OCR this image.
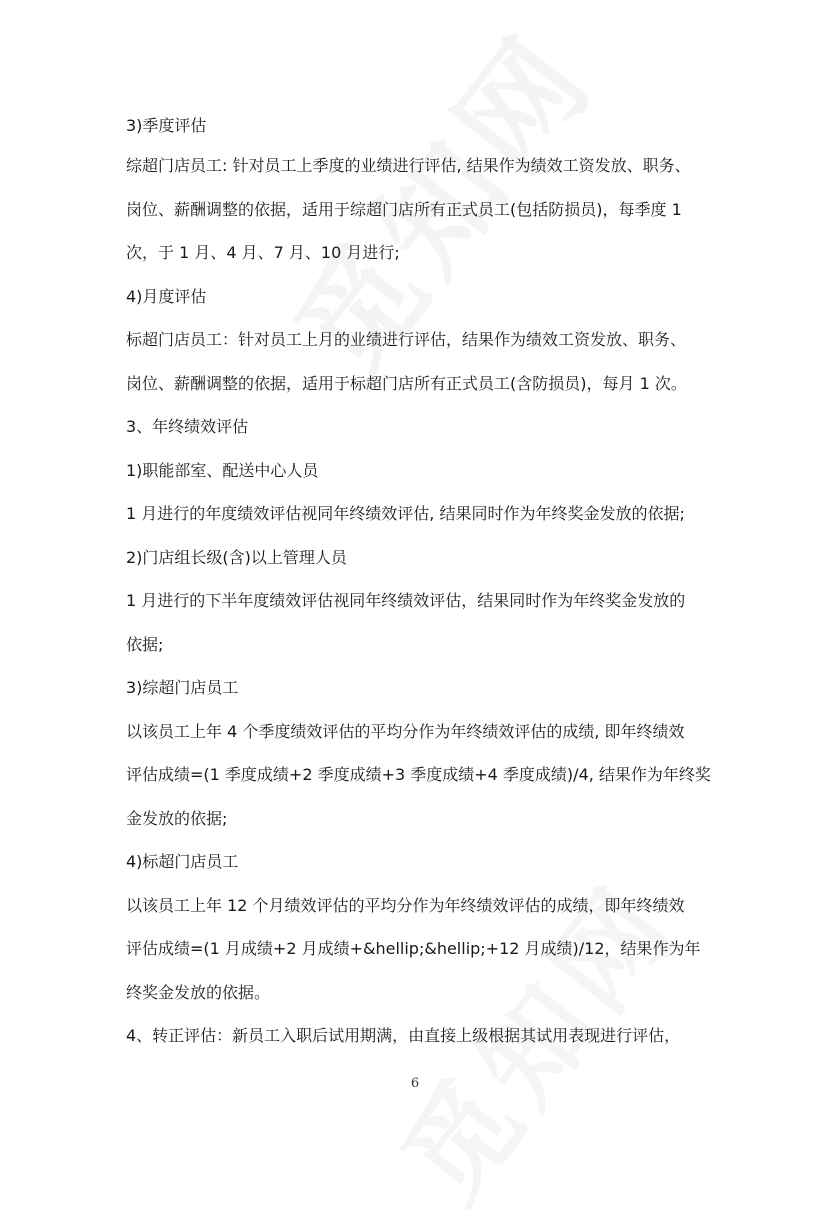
3)季度评估
综超门店员工: 针对员工上季度的业绩进行评估, 结果作为绩效工资发放、职务、
岗位、薪酬调整的依据，适用于综超门店所有正式员工(包括防损员)，每季度 1
次，于 1 月、4 月、7 月、10 月进行;
4)月度评估
标超门店员工：针对员工上月的业绩进行评估，结果作为绩效工资发放、职务、
岗位、薪酬调整的依据，适用于标超门店所有正式员工(含防损员)，每月 1 次。
3、年终绩效评估
1)职能部室、配送中心人员
1 月进行的年度绩效评估视同年终绩效评估, 结果同时作为年终奖金发放的依据;
2)门店组长级(含)以上管理人员
1 月进行的下半年度绩效评估视同年终绩效评估，结果同时作为年终奖金发放的
依据;
3)综超门店员工
以该员工上年 4 个季度绩效评估的平均分作为年终绩效评估的成绩, 即年终绩效
评估成绩=(1 季度成绩+2 季度成绩+3 季度成绩+4 季度成绩)/4, 结果作为年终奖
金发放的依据;
4)标超门店员工
以该员工上年 12 个月绩效评估的平均分作为年终绩效评估的成绩，即年终绩效
评估成绩=(1 月成绩+2 月成绩+&hellip;&hellip;+12 月成绩)/12，结果作为年
终奖金发放的依据。
4、转正评估：新员工入职后试用期满，由直接上级根据其试用表现进行评估，
6
